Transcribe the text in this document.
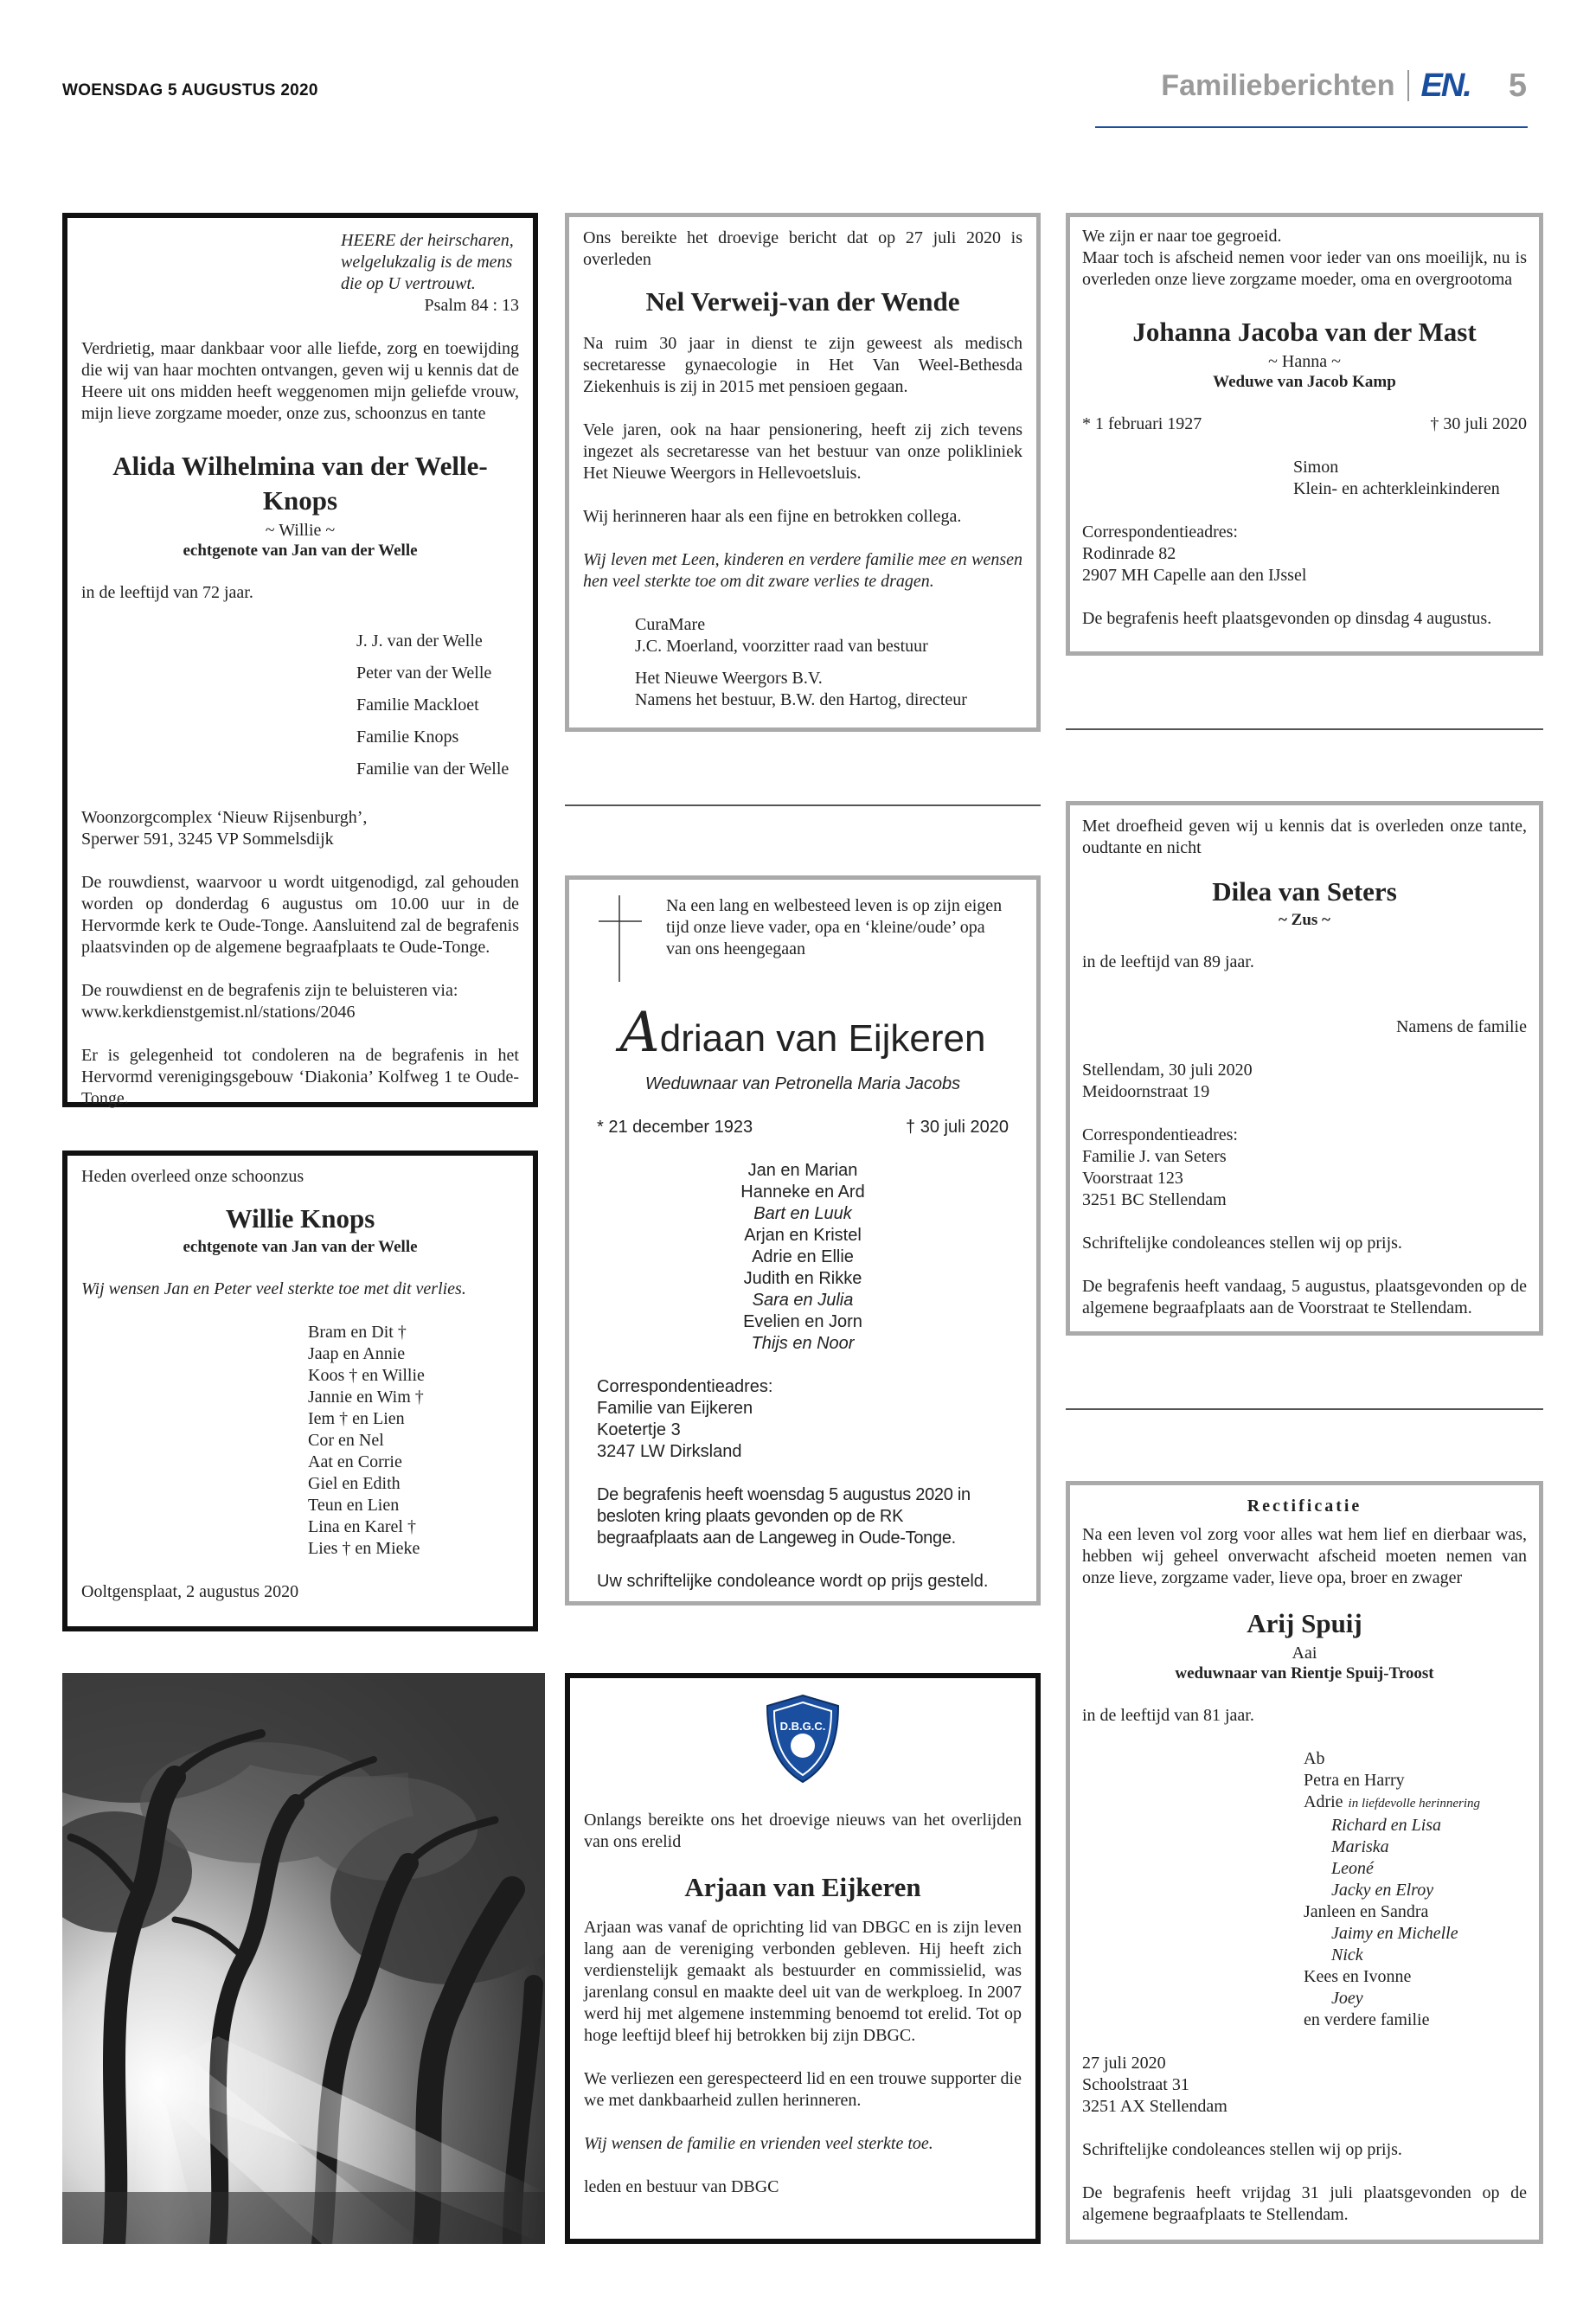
WOENSDAG 5 AUGUSTUS 2020	Familieberichten EN. 5

HEERE der heirscharen,

welgelukzalig is de mens

die op U vertrouwt.

Psalm 84 : 13

Verdrietig, maar dankbaar voor alle liefde, zorg en toewijding die wij van haar mochten ontvangen, geven wij u kennis dat de Heere uit ons midden heeft weggenomen mijn geliefde vrouw, mijn lieve zorgzame moeder, onze zus, schoonzus en tante

Alida Wilhelmina van der Welle-Knops

~ Willie ~

echtgenote van Jan van der Welle

in de leeftijd van 72 jaar.

J. J. van der Welle

Peter van der Welle

Familie Mackloet

Familie Knops

Familie van der Welle

Woonzorgcomplex ‘Nieuw Rijsenburgh’,

Sperwer 591, 3245 VP Sommelsdijk

De rouwdienst, waarvoor u wordt uitgenodigd, zal gehouden worden op donderdag 6 augustus om 10.00 uur in de Hervormde kerk te Oude-Tonge. Aansluitend zal de begrafenis plaatsvinden op de algemene begraafplaats te Oude-Tonge.

De rouwdienst en de begrafenis zijn te beluisteren via:

www.kerkdienstgemist.nl/stations/2046

Er is gelegenheid tot condoleren na de begrafenis in het Hervormd verenigingsgebouw ‘Diakonia’ Kolfweg 1 te Oude-Tonge.

Heden overleed onze schoonzus

Willie Knops
echtgenote van Jan van der Welle

Wij wensen Jan en Peter veel sterkte toe met dit verlies.

Bram en Dit †

Jaap en Annie

Koos † en Willie

Jannie en Wim †

Iem † en Lien

Cor en Nel

Aat en Corrie

Giel en Edith

Teun en Lien

Lina en Karel †

Lies † en Mieke

Ooltgensplaat, 2 augustus 2020

Ons bereikte het droevige bericht dat op 27 juli 2020 is overleden

Nel Verweij-van der Wende

Na ruim 30 jaar in dienst te zijn geweest als medisch secretaresse gynaecologie in Het Van Weel-Bethesda Ziekenhuis is zij in 2015 met pensioen gegaan.

Vele jaren, ook na haar pensionering, heeft zij zich tevens ingezet als secretaresse van het bestuur van onze polikliniek Het Nieuwe Weergors in Hellevoetsluis.

Wij herinneren haar als een fijne en betrokken collega.

Wij leven met Leen, kinderen en verdere familie mee en wensen hen veel sterkte toe om dit zware verlies te dragen.

CuraMare

J.C. Moerland, voorzitter raad van bestuur

Het Nieuwe Weergors B.V.

Namens het bestuur, B.W. den Hartog, directeur

Na een lang en welbesteed leven is op zijn eigen tijd onze lieve vader, opa en ‘kleine/oude’ opa van ons heengegaan

Adriaan van Eijkeren

Weduwnaar van Petronella Maria Jacobs

* 21 december 1923	† 30 juli 2020

Jan en Marian

Hanneke en Ard

Bart en Luuk

Arjan en Kristel

Adrie en Ellie

Judith en Rikke

Sara en Julia

Evelien en Jorn

Thijs en Noor

Correspondentieadres:

Familie van Eijkeren

Koetertje 3

3247 LW Dirksland

De begrafenis heeft woensdag 5 augustus 2020 in besloten kring plaats gevonden op de RK begraafplaats aan de Langeweg in Oude-Tonge.

Uw schriftelijke condoleance wordt op prijs gesteld.

D.B.G.C.

Onlangs bereikte ons het droevige nieuws van het overlijden van ons erelid

Arjaan van Eijkeren

Arjaan was vanaf de oprichting lid van DBGC en is zijn leven lang aan de vereniging verbonden gebleven. Hij heeft zich verdienstelijk gemaakt als bestuurder en commissielid, was jarenlang consul en maakte deel uit van de werkploeg. In 2007 werd hij met algemene instemming benoemd tot erelid. Tot op hoge leeftijd bleef hij betrokken bij zijn DBGC.

We verliezen een gerespecteerd lid en een trouwe supporter die we met dankbaarheid zullen herinneren.

Wij wensen de familie en vrienden veel sterkte toe.

leden en bestuur van DBGC

We zijn er naar toe gegroeid.

Maar toch is afscheid nemen voor ieder van ons moeilijk, nu is overleden onze lieve zorgzame moeder, oma en overgrootoma

Johanna Jacoba van der Mast

~ Hanna ~

Weduwe van Jacob Kamp
* 1 februari 1927	† 30 juli 2020

Simon

Klein- en achterkleinkinderen

Correspondentieadres:

Rodinrade 82

2907 MH Capelle aan den IJssel

De begrafenis heeft plaatsgevonden op dinsdag 4 augustus.

Met droefheid geven wij u kennis dat is overleden onze tante, oudtante en nicht

Dilea van Seters
~ Zus ~

in de leeftijd van 89 jaar.

Namens de familie

Stellendam, 30 juli 2020

Meidoornstraat 19

Correspondentieadres:

Familie J. van Seters

Voorstraat 123

3251 BC Stellendam

Schriftelijke condoleances stellen wij op prijs.

De begrafenis heeft vandaag, 5 augustus, plaatsgevonden op de algemene begraafplaats aan de Voorstraat te Stellendam.

Rectificatie

Na een leven vol zorg voor alles wat hem lief en dierbaar was, hebben wij geheel onverwacht afscheid moeten nemen van onze lieve, zorgzame vader, lieve opa, broer en zwager

Arij Spuij

Aai

weduwnaar van Rientje Spuij-Troost

in de leeftijd van 81 jaar.

Ab

Petra en Harry

Adrie in liefdevolle herinnering

Richard en Lisa

Mariska

Leoné

Jacky en Elroy

Janleen en Sandra

Jaimy en Michelle

Nick

Kees en Ivonne

Joey

en verdere familie

27 juli 2020

Schoolstraat 31

3251 AX Stellendam

Schriftelijke condoleances stellen wij op prijs.

De begrafenis heeft vrijdag 31 juli plaatsgevonden op de algemene begraafplaats te Stellendam.
